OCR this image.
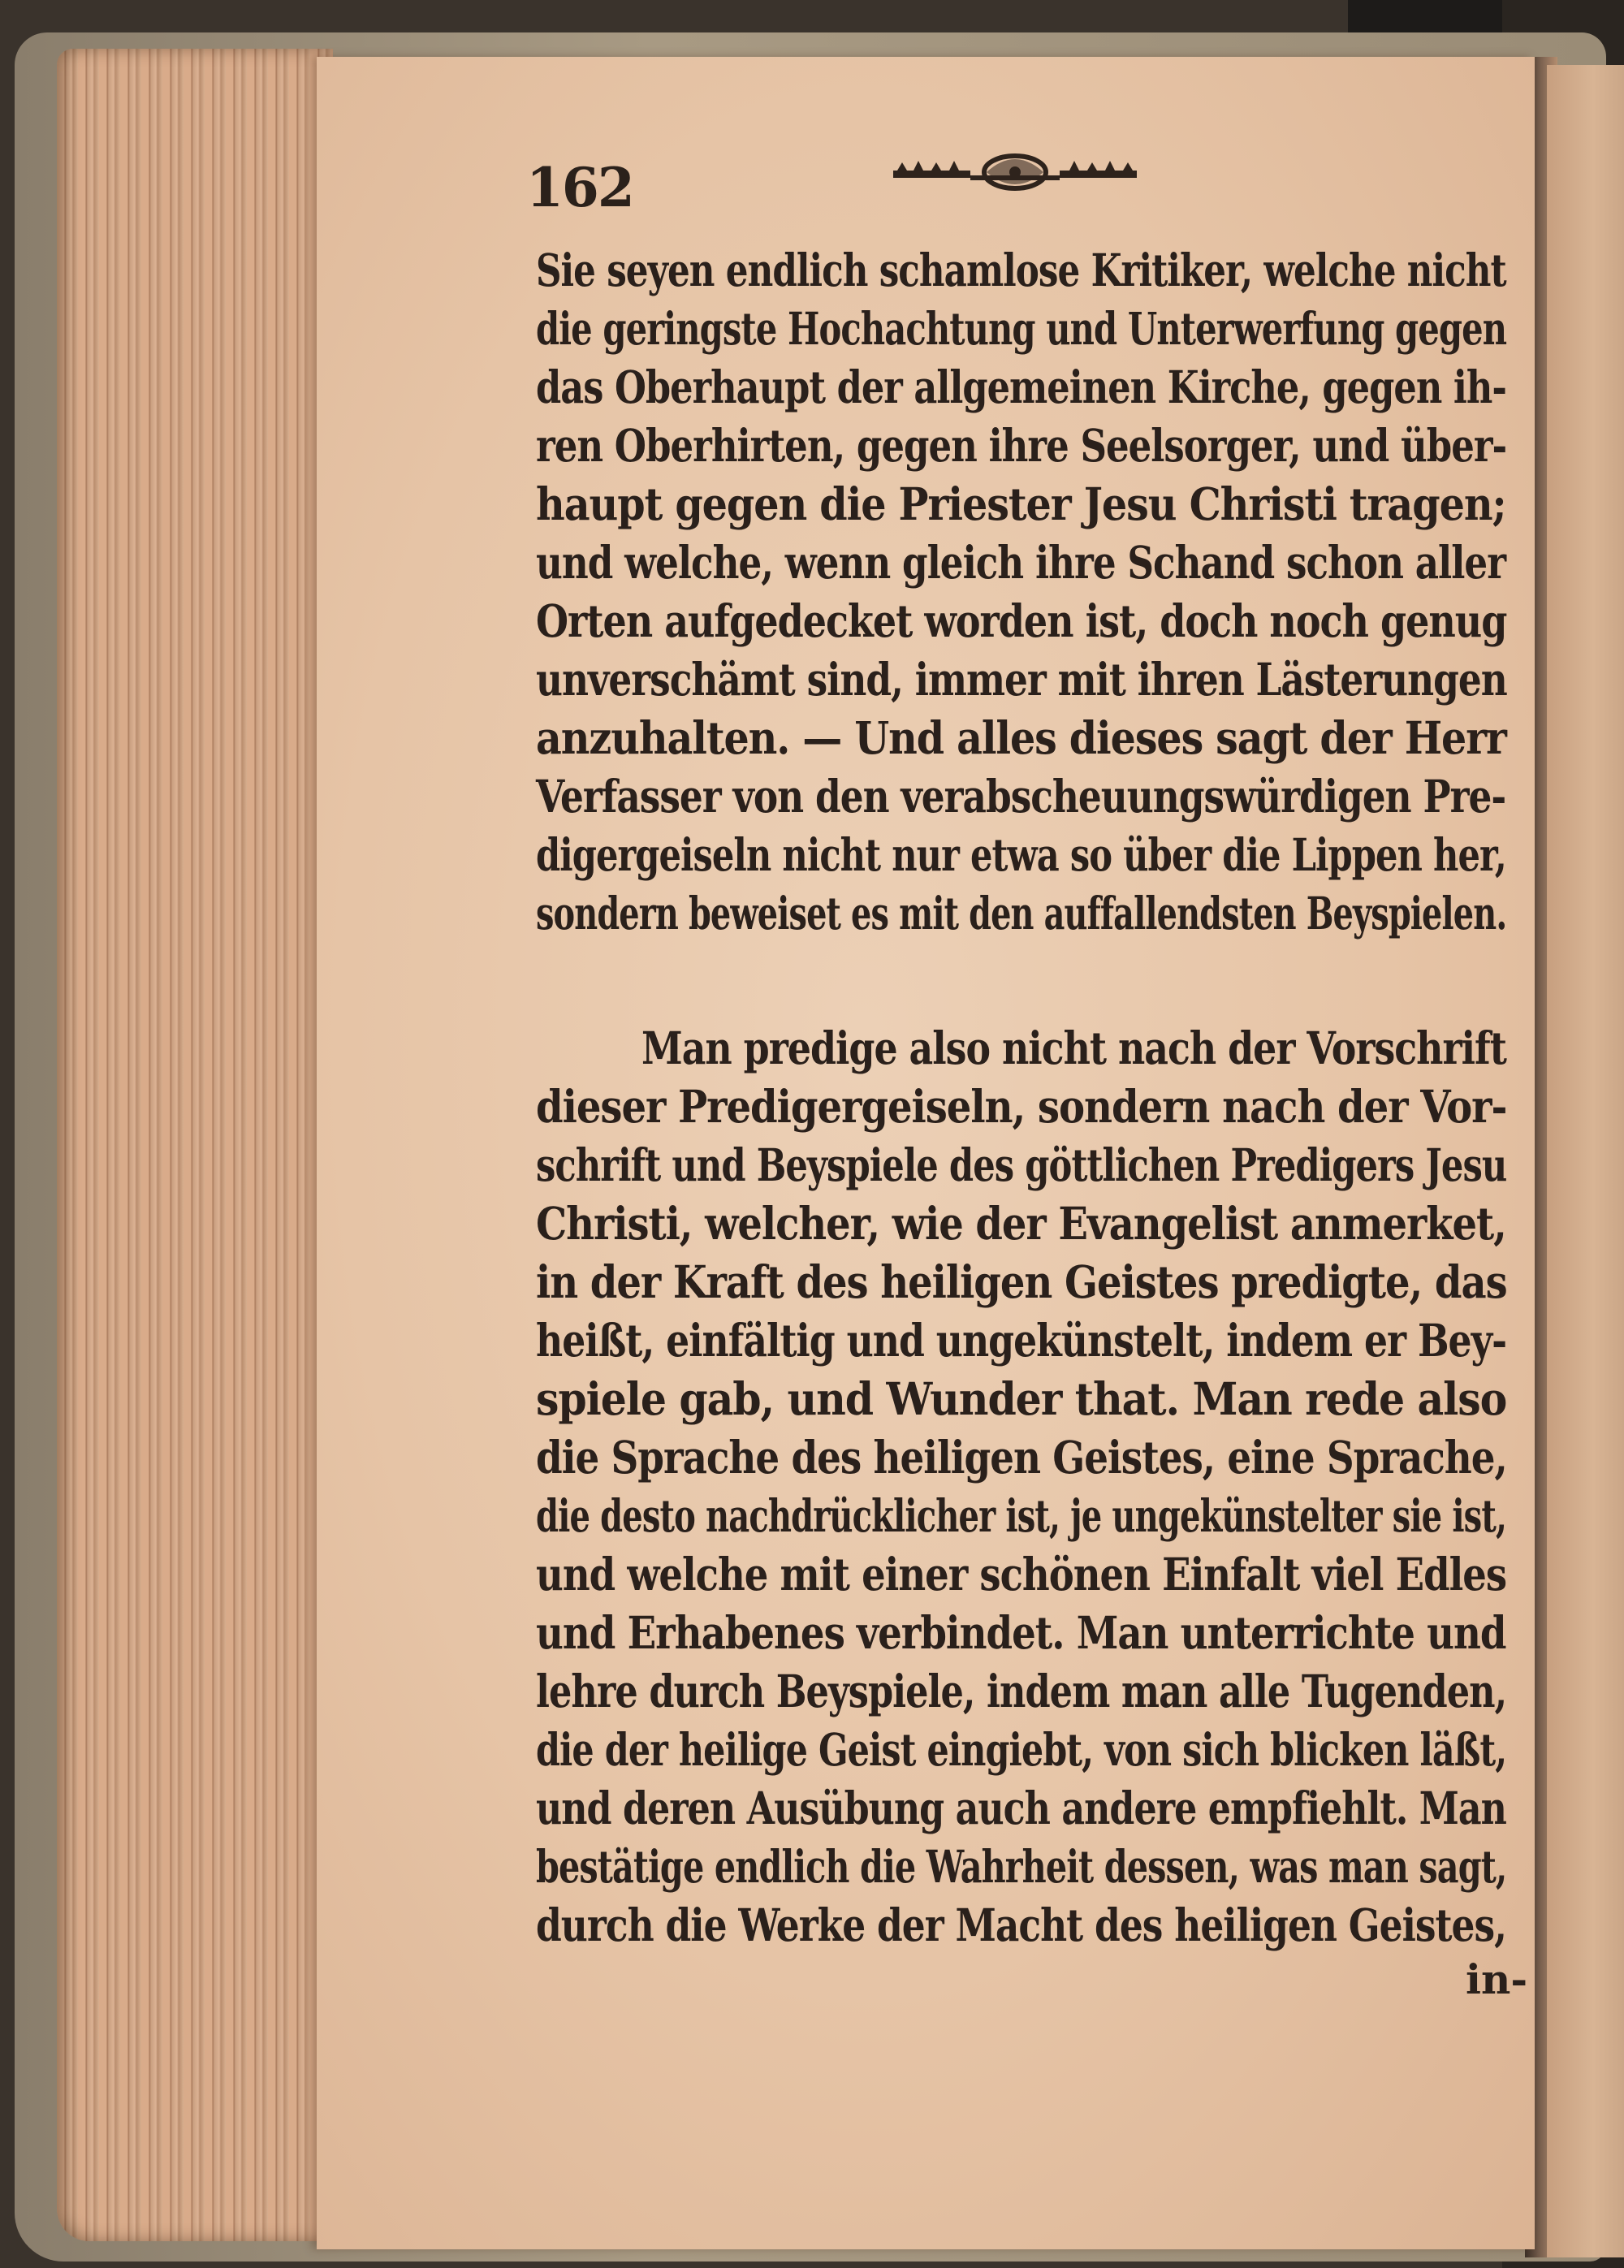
162
Sie seyen endlich schamlose Kritiker, welche nicht
die geringste Hochachtung und Unterwerfung gegen
das Oberhaupt der allgemeinen Kirche, gegen ih-
ren Oberhirten, gegen ihre Seelsorger, und über-
haupt gegen die Priester Jesu Christi tragen;
und welche, wenn gleich ihre Schand schon aller
Orten aufgedecket worden ist, doch noch genug
unverschämt sind, immer mit ihren Lästerungen
anzuhalten. — Und alles dieses sagt der Herr
Verfasser von den verabscheuungswürdigen Pre-
digergeiseln nicht nur etwa so über die Lippen her,
sondern beweiset es mit den auffallendsten Beyspielen.
Man predige also nicht nach der Vorschrift
dieser Predigergeiseln, sondern nach der Vor-
schrift und Beyspiele des göttlichen Predigers Jesu
Christi, welcher, wie der Evangelist anmerket,
in der Kraft des heiligen Geistes predigte, das
heißt, einfältig und ungekünstelt, indem er Bey-
spiele gab, und Wunder that. Man rede also
die Sprache des heiligen Geistes, eine Sprache,
die desto nachdrücklicher ist, je ungekünstelter sie ist,
und welche mit einer schönen Einfalt viel Edles
und Erhabenes verbindet. Man unterrichte und
lehre durch Beyspiele, indem man alle Tugenden,
die der heilige Geist eingiebt, von sich blicken läßt,
und deren Ausübung auch andere empfiehlt. Man
bestätige endlich die Wahrheit dessen, was man sagt,
durch die Werke der Macht des heiligen Geistes,
in-
